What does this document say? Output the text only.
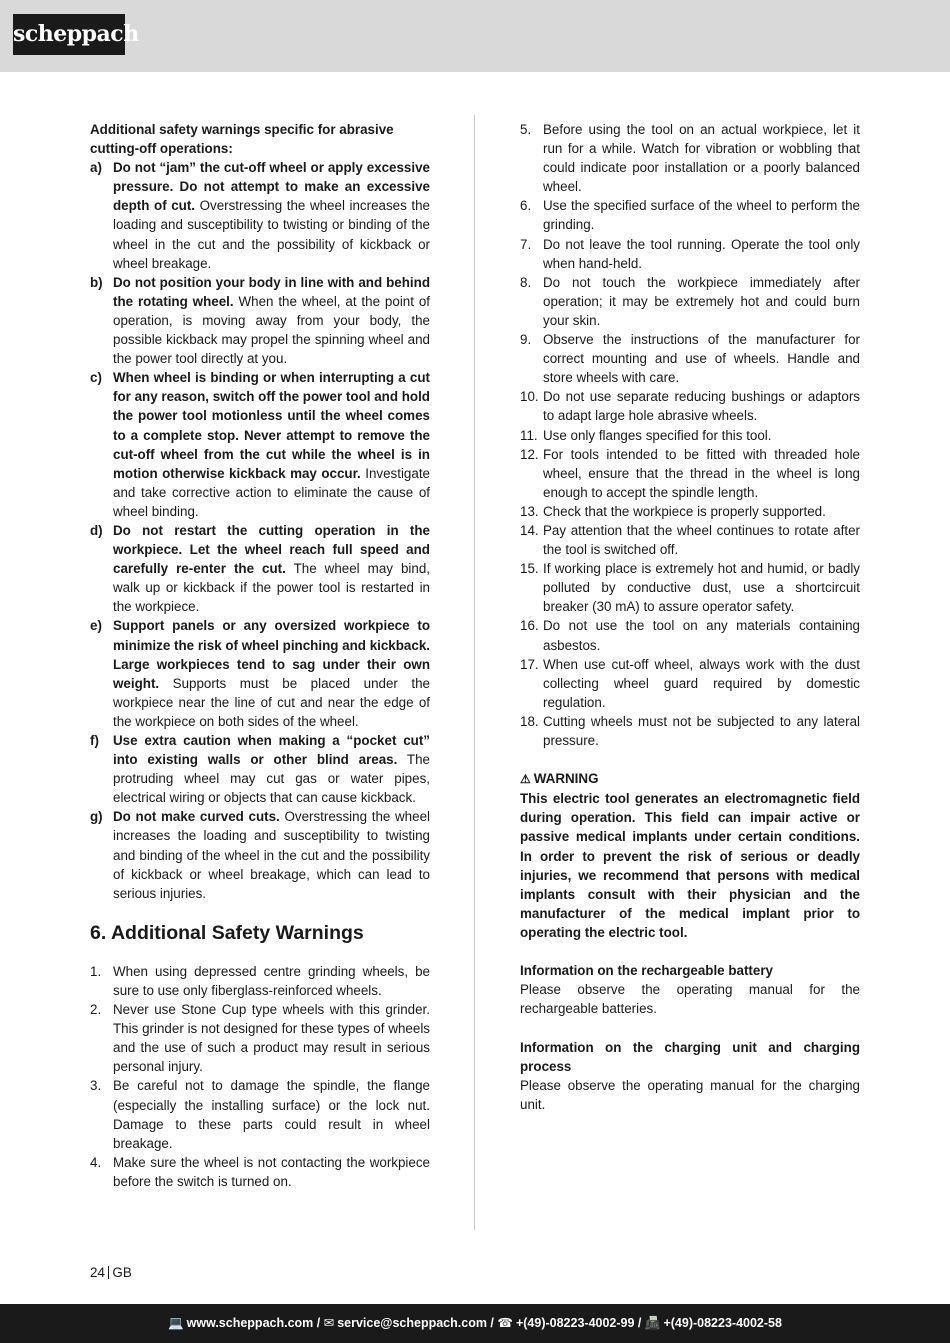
scheppach

Additional safety warnings specific for abrasive cutting-off operations:

a) Do not “jam” the cut-off wheel or apply excessive pressure. Do not attempt to make an excessive depth of cut. Overstressing the wheel increases the loading and susceptibility to twisting or binding of the wheel in the cut and the possibility of kickback or wheel breakage.
b) Do not position your body in line with and behind the rotating wheel. When the wheel, at the point of operation, is moving away from your body, the possible kickback may propel the spinning wheel and the power tool directly at you.
c) When wheel is binding or when interrupting a cut for any reason, switch off the power tool and hold the power tool motionless until the wheel comes to a complete stop. Never attempt to remove the cut-off wheel from the cut while the wheel is in motion otherwise kickback may occur. Investigate and take corrective action to eliminate the cause of wheel binding.
d) Do not restart the cutting operation in the workpiece. Let the wheel reach full speed and carefully re-enter the cut. The wheel may bind, walk up or kickback if the power tool is restarted in the workpiece.
e) Support panels or any oversized workpiece to minimize the risk of wheel pinching and kickback. Large workpieces tend to sag under their own weight. Supports must be placed under the workpiece near the line of cut and near the edge of the workpiece on both sides of the wheel.
f)	Use extra caution when making a “pocket cut” into existing walls or other blind areas. The protruding wheel may cut gas or water pipes, electrical wiring or objects that can cause kickback.
g) Do not make curved cuts. Overstressing the wheel increases the loading and susceptibility to twisting and binding of the wheel in the cut and the possibility of kickback or wheel breakage, which can lead to serious injuries.
6. Additional Safety Warnings
1. When using depressed centre grinding wheels, be sure to use only fiberglass-reinforced wheels.
2. Never use Stone Cup type wheels with this grinder. This grinder is not designed for these types of wheels and the use of such a product may result in serious personal injury.
3. Be careful not to damage the spindle, the flange (especially the installing surface) or the lock nut. Damage to these parts could result in wheel breakage.
4. Make sure the wheel is not contacting the workpiece before the switch is turned on.
5. Before using the tool on an actual workpiece, let it run for a while. Watch for vibration or wobbling that could indicate poor installation or a poorly balanced wheel.
6. Use the specified surface of the wheel to perform the grinding.
7. Do not leave the tool running. Operate the tool only when hand-held.
8. Do not touch the workpiece immediately after operation; it may be extremely hot and could burn your skin.
9. Observe the instructions of the manufacturer for correct mounting and use of wheels. Handle and store wheels with care.
10. Do not use separate reducing bushings or adaptors to adapt large hole abrasive wheels.
11. Use only flanges specified for this tool.
12. For tools intended to be fitted with threaded hole wheel, ensure that the thread in the wheel is long enough to accept the spindle length.
13. Check that the workpiece is properly supported.
14. Pay attention that the wheel continues to rotate after the tool is switched off.
15. If working place is extremely hot and humid, or badly polluted by conductive dust, use a shortcircuit breaker (30 mA) to assure operator safety.
16. Do not use the tool on any materials containing asbestos.
17. When use cut-off wheel, always work with the dust collecting wheel guard required by domestic regulation.
18. Cutting wheels must not be subjected to any lateral pressure.

⚠ WARNING

This electric tool generates an electromagnetic field during operation. This field can impair active or passive medical implants under certain conditions. In order to prevent the risk of serious or deadly injuries, we recommend that persons with medical implants consult with their physician and the manufacturer of the medical implant prior to operating the electric tool.

Information on the rechargeable battery

Please observe the operating manual for the rechargeable batteries.

Information on the charging unit and charging process

Please observe the operating manual for the charging unit.

24 GB
💻 www.scheppach.com / ✉ service@scheppach.com / ☎ +(49)-08223-4002-99 / 📠 +(49)-08223-4002-58
